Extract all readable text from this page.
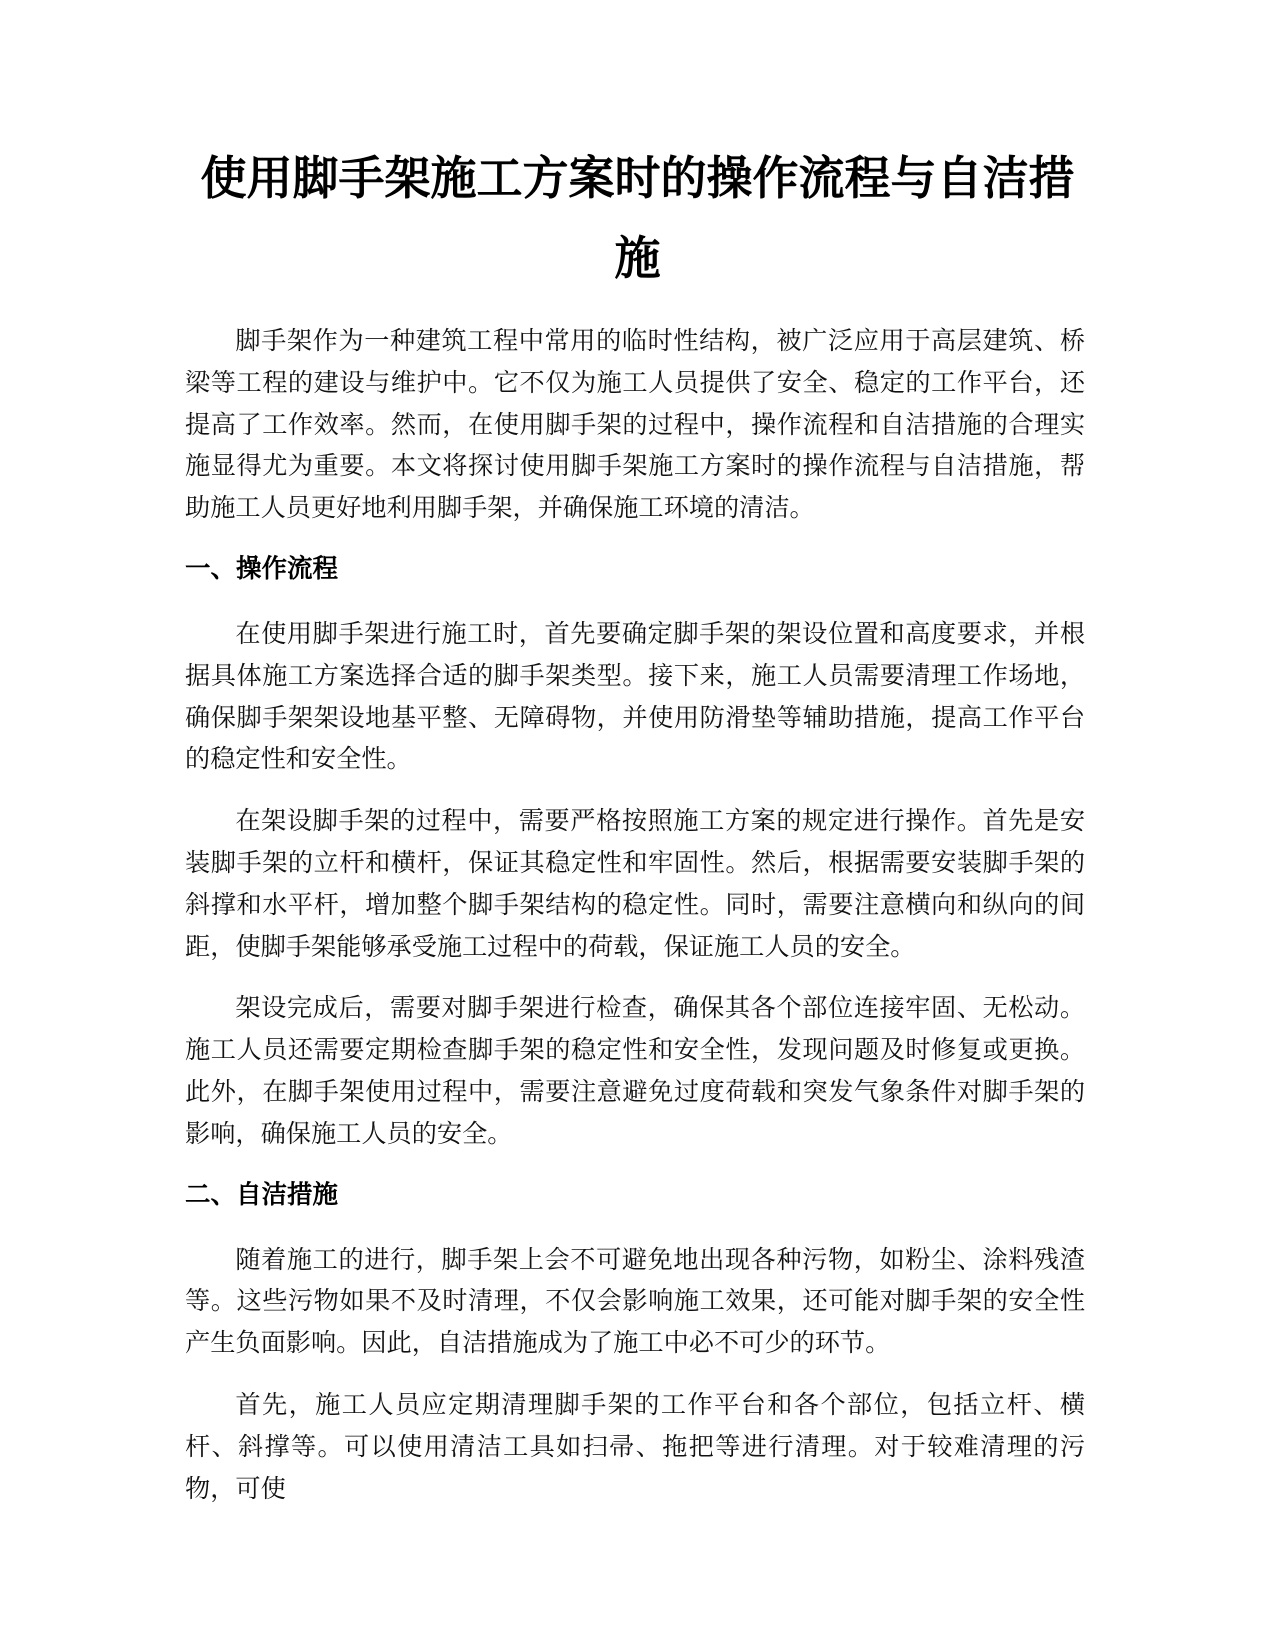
使用脚手架施工方案时的操作流程与自洁措施

脚手架作为一种建筑工程中常用的临时性结构，被广泛应用于高层建筑、桥梁等工程的建设与维护中。它不仅为施工人员提供了安全、稳定的工作平台，还提高了工作效率。然而，在使用脚手架的过程中，操作流程和自洁措施的合理实施显得尤为重要。本文将探讨使用脚手架施工方案时的操作流程与自洁措施，帮助施工人员更好地利用脚手架，并确保施工环境的清洁。

一、操作流程

在使用脚手架进行施工时，首先要确定脚手架的架设位置和高度要求，并根据具体施工方案选择合适的脚手架类型。接下来，施工人员需要清理工作场地，确保脚手架架设地基平整、无障碍物，并使用防滑垫等辅助措施，提高工作平台的稳定性和安全性。

在架设脚手架的过程中，需要严格按照施工方案的规定进行操作。首先是安装脚手架的立杆和横杆，保证其稳定性和牢固性。然后，根据需要安装脚手架的斜撑和水平杆，增加整个脚手架结构的稳定性。同时，需要注意横向和纵向的间距，使脚手架能够承受施工过程中的荷载，保证施工人员的安全。

架设完成后，需要对脚手架进行检查，确保其各个部位连接牢固、无松动。施工人员还需要定期检查脚手架的稳定性和安全性，发现问题及时修复或更换。此外，在脚手架使用过程中，需要注意避免过度荷载和突发气象条件对脚手架的影响，确保施工人员的安全。

二、自洁措施

随着施工的进行，脚手架上会不可避免地出现各种污物，如粉尘、涂料残渣等。这些污物如果不及时清理，不仅会影响施工效果，还可能对脚手架的安全性产生负面影响。因此，自洁措施成为了施工中必不可少的环节。

首先，施工人员应定期清理脚手架的工作平台和各个部位，包括立杆、横杆、斜撑等。可以使用清洁工具如扫帚、拖把等进行清理。对于较难清理的污物，可使
